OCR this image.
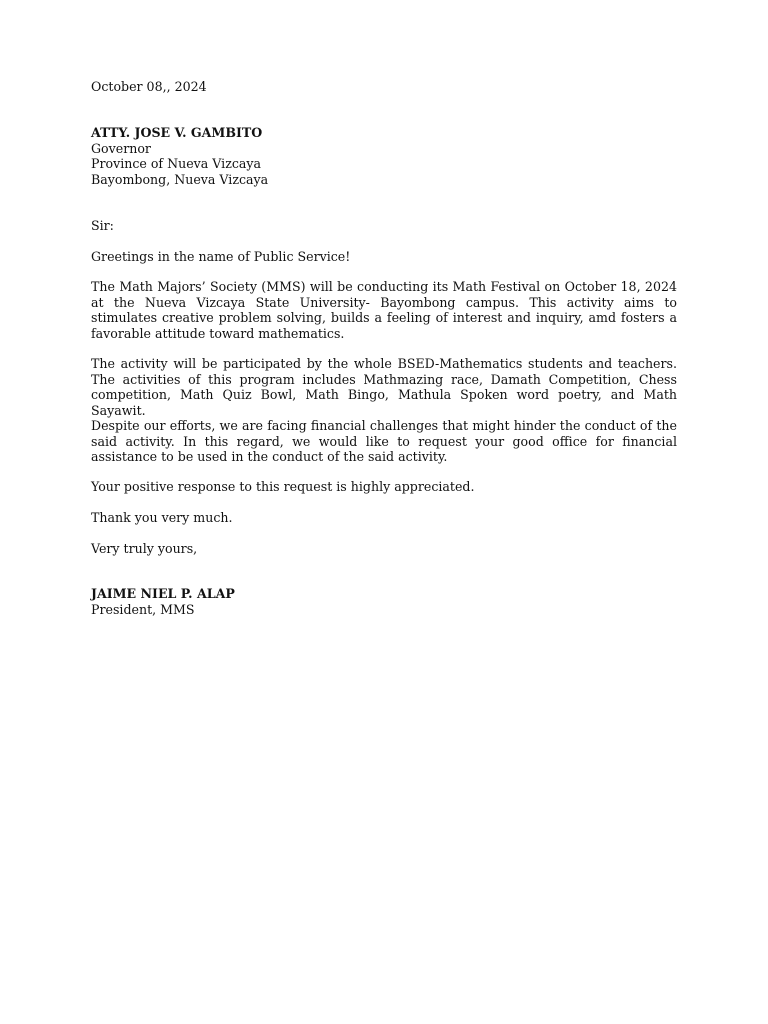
October 08,, 2024

ATTY. JOSE V. GAMBITO
Governor
Province of Nueva Vizcaya
Bayombong, Nueva Vizcaya

Sir:

Greetings in the name of Public Service!

The Math Majors’ Society (MMS) will be conducting its Math Festival on October 18, 2024 at the Nueva Vizcaya State University- Bayombong campus. This activity aims to stimulates creative problem solving, builds a feeling of interest and inquiry, amd fosters a favorable attitude toward mathematics.

The activity will be participated by the whole BSED-Mathematics students and teachers. The activities of this program includes Mathmazing race, Damath Competition, Chess competition, Math Quiz Bowl, Math Bingo, Mathula Spoken word poetry, and Math Sayawit.

Despite our efforts, we are facing financial challenges that might hinder the conduct of the said activity. In this regard, we would like to request your good office for financial assistance to be used in the conduct of the said activity.

Your positive response to this request is highly appreciated.

Thank you very much.

Very truly yours,

JAIME NIEL P. ALAP
President, MMS
